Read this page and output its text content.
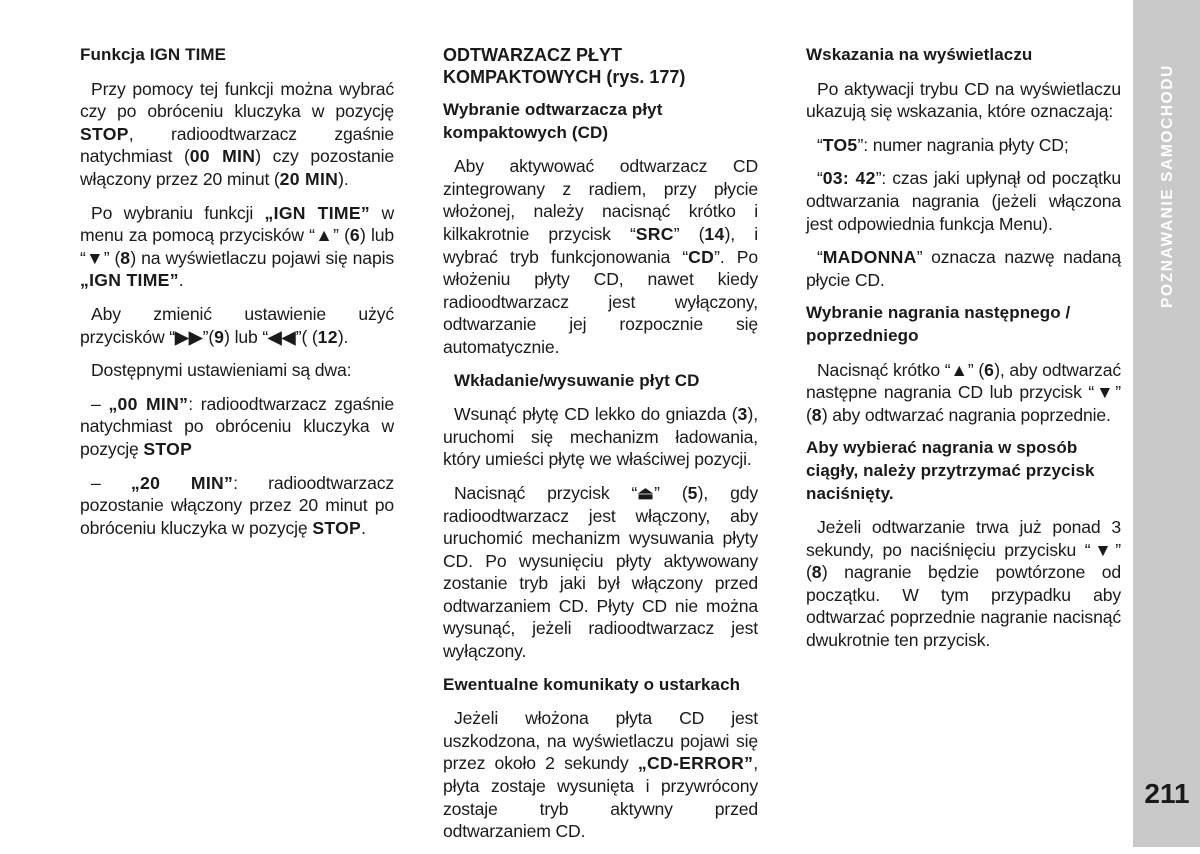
POZNAWANIE SAMOCHODU
211
Funkcja IGN TIME

Przy pomocy tej funkcji można wybrać czy po obróceniu kluczyka w pozycję STOP, radioodtwarzacz zgaśnie natychmiast (00 MIN) czy pozostanie włączony przez 20 minut (20 MIN).

Po wybraniu funkcji „IGN TIME” w menu za pomocą przycisków “▲” (6) lub “▼” (8) na wyświetlaczu pojawi się napis „IGN TIME”.

Aby zmienić ustawienie użyć przycisków “▶▶”(9) lub “◀◀”( (12).

Dostępnymi ustawieniami są dwa:

– „00 MIN”: radioodtwarzacz zgaśnie natychmiast po obróceniu kluczyka w pozycję STOP

– „20 MIN”: radioodtwarzacz pozostanie włączony przez 20 minut po obróceniu kluczyka w pozycję STOP.

ODTWARZACZ PŁYT KOMPAKTOWYCH (rys. 177)
Wybranie odtwarzacza płyt kompaktowych (CD)

Aby aktywować odtwarzacz CD zintegrowany z radiem, przy płycie włożonej, należy nacisnąć krótko i kilkakrotnie przycisk “SRC” (14), i wybrać tryb funkcjonowania “CD”. Po włożeniu płyty CD, nawet kiedy radioodtwarzacz jest wyłączony, odtwarzanie jej rozpocznie się automatycznie.

Wkładanie/wysuwanie płyt CD

Wsunąć płytę CD lekko do gniazda (3), uruchomi się mechanizm ładowania, który umieści płytę we właściwej pozycji.

Nacisnąć przycisk “⏏” (5), gdy radioodtwarzacz jest włączony, aby uruchomić mechanizm wysuwania płyty CD. Po wysunięciu płyty aktywowany zostanie tryb jaki był włączony przed odtwarzaniem CD. Płyty CD nie można wysunąć, jeżeli radioodtwarzacz jest wyłączony.

Ewentualne komunikaty o ustarkach

Jeżeli włożona płyta CD jest uszkodzona, na wyświetlaczu pojawi się przez około 2 sekundy „CD-ERROR”, płyta zostaje wysunięta i przywrócony zostaje tryb aktywny przed odtwarzaniem CD.

Wskazania na wyświetlaczu

Po aktywacji trybu CD na wyświetlaczu ukazują się wskazania, które oznaczają:

“TO5”: numer nagrania płyty CD;

“03: 42”: czas jaki upłynął od początku odtwarzania nagrania (jeżeli włączona jest odpowiednia funkcja Menu).

“MADONNA” oznacza nazwę nadaną płycie CD.

Wybranie nagrania następnego / poprzedniego

Nacisnąć krótko “▲” (6), aby odtwarzać następne nagrania CD lub przycisk “▼” (8) aby odtwarzać nagrania poprzednie.

Aby wybierać nagrania w sposób ciągły, należy przytrzymać przycisk naciśnięty.

Jeżeli odtwarzanie trwa już ponad 3 sekundy, po naciśnięciu przycisku “▼” (8) nagranie będzie powtórzone od początku. W tym przypadku aby odtwarzać poprzednie nagranie nacisnąć dwukrotnie ten przycisk.
